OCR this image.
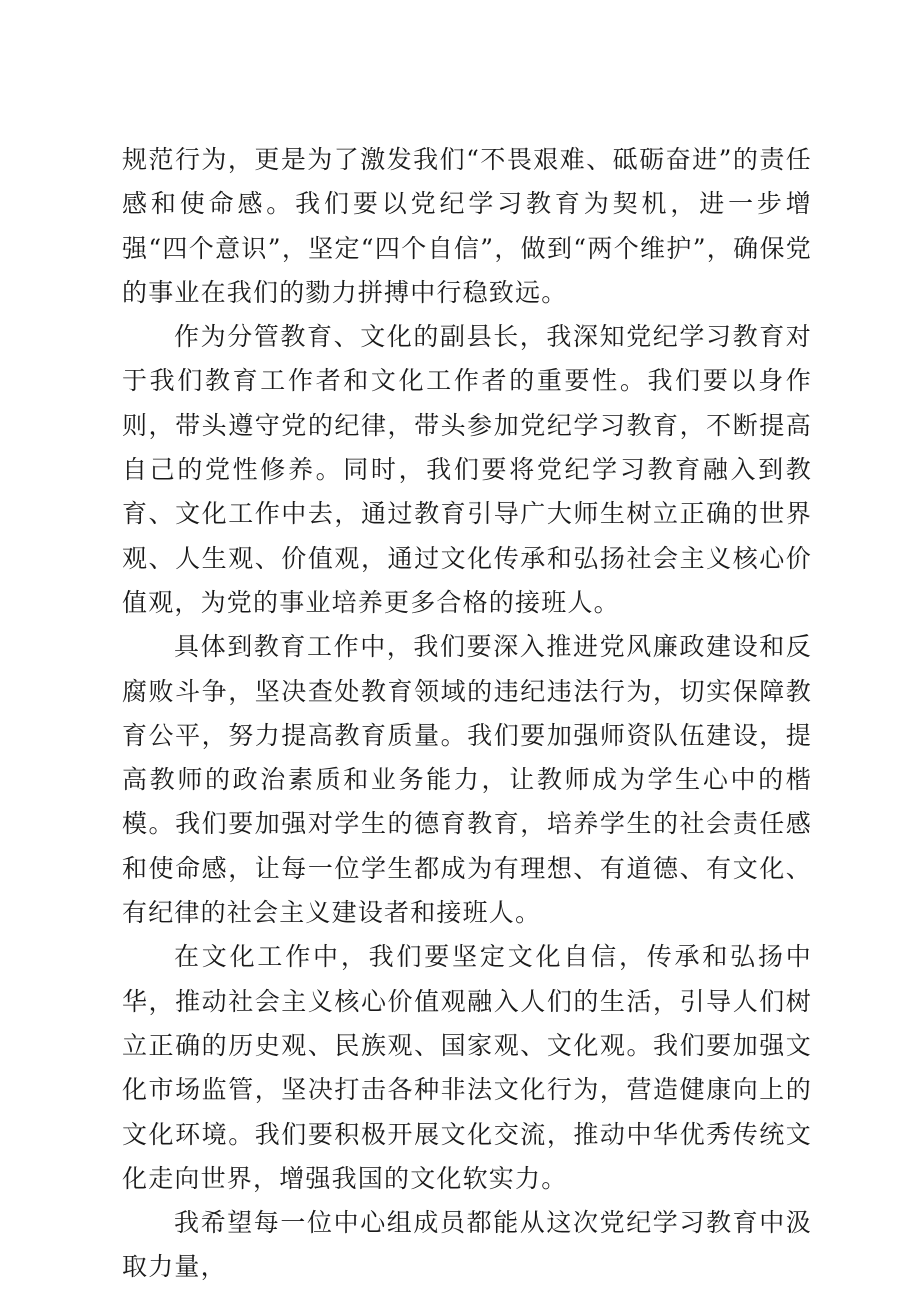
规范行为，更是为了激发我们“不畏艰难、砥砺奋进”的责任感和使命感。我们要以党纪学习教育为契机，进一步增强“四个意识”，坚定“四个自信”，做到“两个维护”，确保党的事业在我们的勠力拼搏中行稳致远。

作为分管教育、文化的副县长，我深知党纪学习教育对于我们教育工作者和文化工作者的重要性。我们要以身作则，带头遵守党的纪律，带头参加党纪学习教育，不断提高自己的党性修养。同时，我们要将党纪学习教育融入到教育、文化工作中去，通过教育引导广大师生树立正确的世界观、人生观、价值观，通过文化传承和弘扬社会主义核心价值观，为党的事业培养更多合格的接班人。

具体到教育工作中，我们要深入推进党风廉政建设和反腐败斗争，坚决查处教育领域的违纪违法行为，切实保障教育公平，努力提高教育质量。我们要加强师资队伍建设，提高教师的政治素质和业务能力，让教师成为学生心中的楷模。我们要加强对学生的德育教育，培养学生的社会责任感和使命感，让每一位学生都成为有理想、有道德、有文化、有纪律的社会主义建设者和接班人。

在文化工作中，我们要坚定文化自信，传承和弘扬中华，推动社会主义核心价值观融入人们的生活，引导人们树立正确的历史观、民族观、国家观、文化观。我们要加强文化市场监管，坚决打击各种非法文化行为，营造健康向上的文化环境。我们要积极开展文化交流，推动中华优秀传统文化走向世界，增强我国的文化软实力。

我希望每一位中心组成员都能从这次党纪学习教育中汲取力量，
